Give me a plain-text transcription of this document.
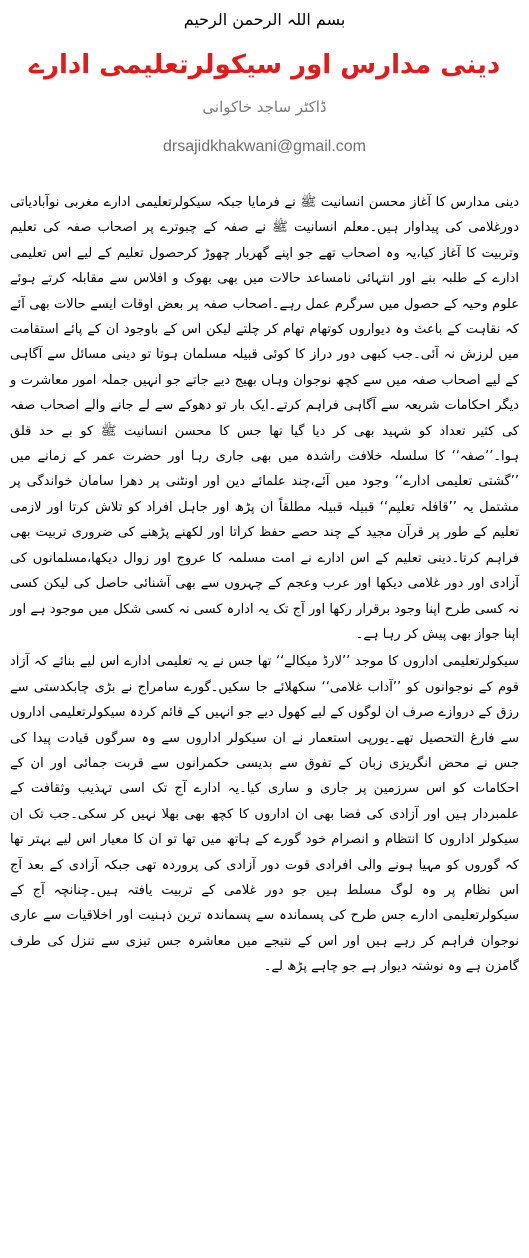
بسم اللہ الرحمن الرحیم
دینی مدارس اور سیکولرتعلیمی ادارے
ڈاکٹر ساجد خاکوانی
drsajidkhakwani@gmail.com

دینی مدارس کا آغاز محسن انسانیت ﷺ نے فرمایا جبکہ سیکولرتعلیمی ادارے مغربی نوآبادیاتی دورغلامی کی پیداوار ہیں۔معلم انسانیت ﷺ نے صفہ کے چبوترے پر اصحاب صفہ کی تعلیم وتربیت کا آغاز کیا،یہ وہ اصحاب تھے جو اپنے گھربار چھوڑ کرحصول تعلیم کے لیے اس تعلیمی ادارے کے طلبہ بنے اور انتہائی نامساعد حالات میں بھی بھوک و افلاس سے مقابلہ کرتے ہوئے علوم وحیہ کے حصول میں سرگرم عمل رہے۔اصحاب صفہ پر بعض اوقات ایسے حالات بھی آئے کہ نقاہت کے باعث وہ دیواروں کوتھام تھام کر چلتے لیکن اس کے باوجود ان کے پائے استقامت میں لرزش نہ آئی۔جب کبھی دور دراز کا کوئی قبیلہ مسلمان ہوتا تو دینی مسائل سے آگاہی کے لیے اصحاب صفہ میں سے کچھ نوجوان وہاں بھیج دیے جاتے جو انہیں جملہ امور معاشرت و دیگر احکامات شریعہ سے آگاہی فراہم کرتے۔ایک بار تو دھوکے سے لے جانے والے اصحاب صفہ کی کثیر تعداد کو شہید بھی کر دیا گیا تھا جس کا محسن انسانیت ﷺ کو بے حد قلق ہوا۔’’صفہ‘‘ کا سلسلہ خلافت راشدہ میں بھی جاری رہا اور حضرت عمر کے زمانے میں ’’گشتی تعلیمی ادارے‘‘ وجود میں آئے،چند علمائے دین اور اونٹنی پر دھرا سامان خواندگی پر مشتمل یہ ’’قافلہ تعلیم‘‘ قبیلہ قبیلہ مطلقاً ان پڑھ اور جاہل افراد کو تلاش کرتا اور لازمی تعلیم کے طور پر قرآن مجید کے چند حصے حفظ کراتا اور لکھنے پڑھنے کی ضروری تربیت بھی فراہم کرتا۔دینی تعلیم کے اس ادارے نے امت مسلمہ کا عروج اور زوال دیکھا،مسلمانوں کی آزادی اور دور غلامی دیکھا اور عرب وعجم کے چہروں سے بھی آشنائی حاصل کی لیکن کسی نہ کسی طرح اپنا وجود برقرار رکھا اور آج تک یہ ادارہ کسی نہ کسی شکل میں موجود ہے اور اپنا جواز بھی پیش کر رہا ہے۔

سیکولرتعلیمی اداروں کا موجد ’’لارڈ میکالے‘‘ تھا جس نے یہ تعلیمی ادارے اس لیے بنائے کہ آزاد قوم کے نوجوانوں کو ’’آداب غلامی‘‘ سکھلائے جا سکیں۔گورے سامراج نے بڑی چابکدستی سے رزق کے دروازے صرف ان لوگوں کے لیے کھول دیے جو انہیں کے قائم کردہ سیکولرتعلیمی اداروں سے فارغ التحصیل تھے۔یورپی استعمار نے ان سیکولر اداروں سے وہ سرگوں قیادت پیدا کی جس نے محض انگریزی زبان کے تفوق سے بدیسی حکمرانوں سے قربت جمائی اور ان کے احکامات کو اس سرزمین پر جاری و ساری کیا۔یہ ادارے آج تک اسی تہذیب وثقافت کے علمبردار ہیں اور آزادی کی فضا بھی ان اداروں کا کچھ بھی بھلا نہیں کر سکی۔جب تک ان سیکولر اداروں کا انتظام و انصرام خود گورے کے ہاتھ میں تھا تو ان کا معیار اس لیے بہتر تھا کہ گوروں کو مہیا ہونے والی افرادی قوت دور آزادی کی پروردہ تھی جبکہ آزادی کے بعد آج اس نظام پر وہ لوگ مسلط ہیں جو دور غلامی کے تربیت یافتہ ہیں۔چنانچہ آج کے سیکولرتعلیمی ادارے جس طرح کی پسماندہ سے پسماندہ ترین ذہنیت اور اخلاقیات سے عاری نوجوان فراہم کر رہے ہیں اور اس کے نتیجے میں معاشرہ جس تیزی سے تنزل کی طرف گامزن ہے وہ نوشتہ دیوار ہے جو چاہے پڑھ لے۔
